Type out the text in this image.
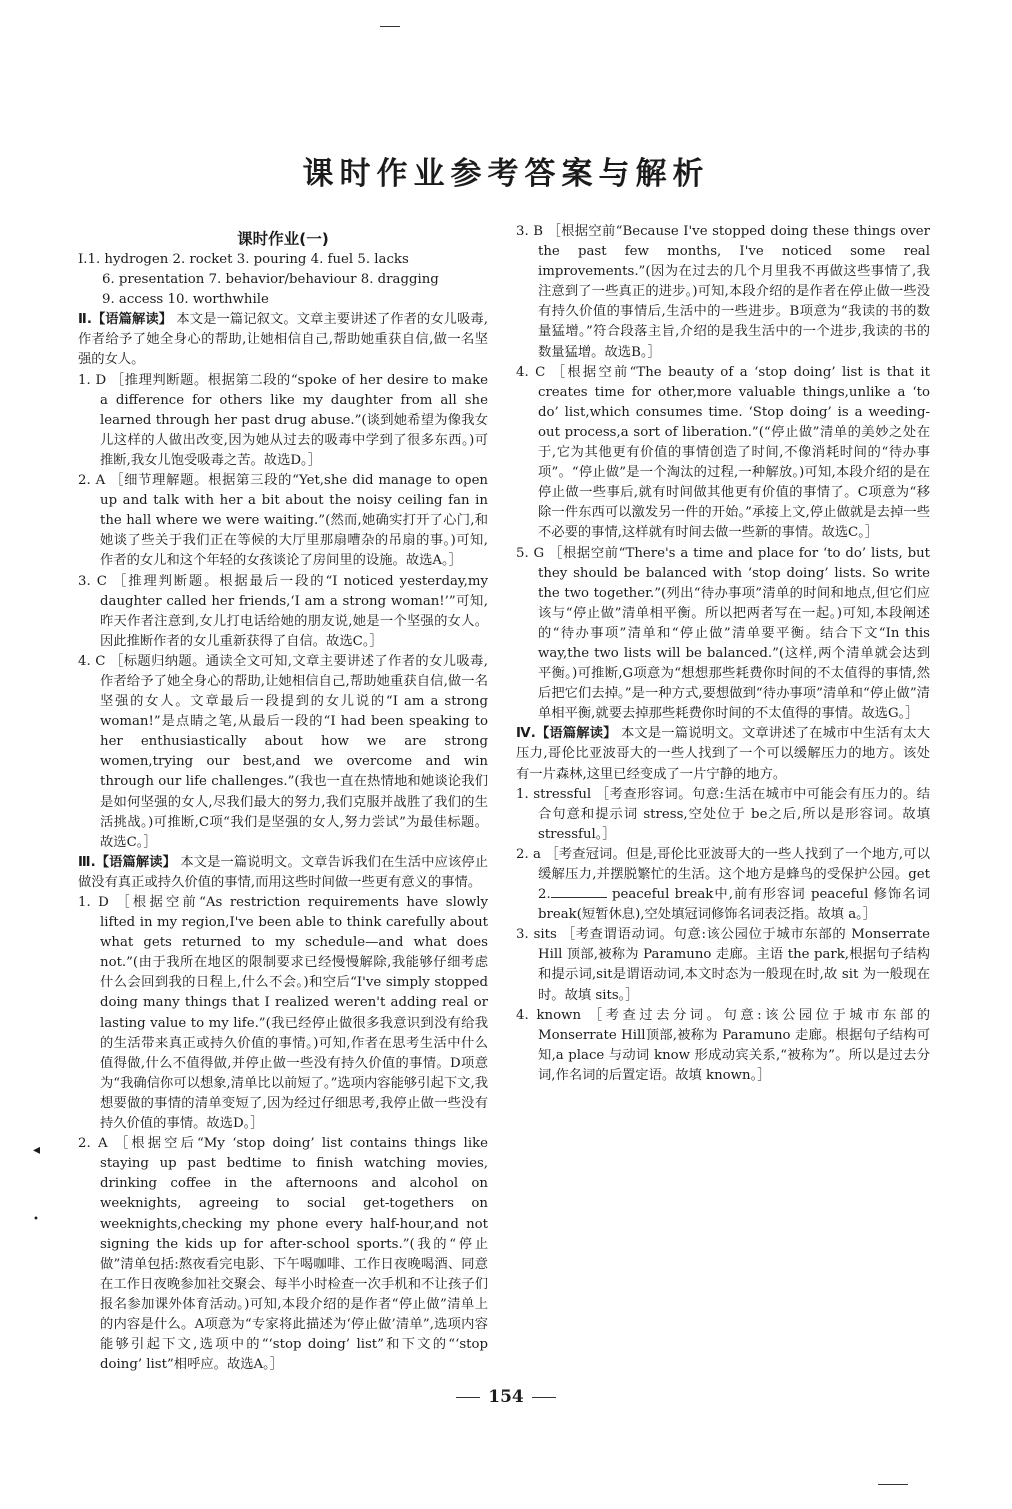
课时作业参考答案与解析
课时作业(一)
Ⅰ.1. hydrogen 2. rocket 3. pouring 4. fuel 5. lacks
6. presentation 7. behavior/behaviour 8. dragging
9. access 10. worthwhile

Ⅱ.【语篇解读】 本文是一篇记叙文。文章主要讲述了作者的女儿吸毒,作者给予了她全身心的帮助,让她相信自己,帮助她重获自信,做一名坚强的女人。

1. D ［推理判断题。根据第二段的“spoke of her desire to make a difference for others like my daughter from all she learned through her past drug abuse.”(谈到她希望为像我女儿这样的人做出改变,因为她从过去的吸毒中学到了很多东西。)可推断,我女儿饱受吸毒之苦。故选D。］

2. A ［细节理解题。根据第三段的“Yet,she did manage to open up and talk with her a bit about the noisy ceiling fan in the hall where we were waiting.”(然而,她确实打开了心门,和她谈了些关于我们正在等候的大厅里那扇嘈杂的吊扇的事。)可知,作者的女儿和这个年轻的女孩谈论了房间里的设施。故选A。］

3. C ［推理判断题。根据最后一段的“I noticed yesterday,my daughter called her friends,‘I am a strong woman!’”可知,昨天作者注意到,女儿打电话给她的朋友说,她是一个坚强的女人。因此推断作者的女儿重新获得了自信。故选C。］

4. C ［标题归纳题。通读全文可知,文章主要讲述了作者的女儿吸毒,作者给予了她全身心的帮助,让她相信自己,帮助她重获自信,做一名坚强的女人。文章最后一段提到的女儿说的“I am a strong woman!”是点睛之笔,从最后一段的“I had been speaking to her enthusiastically about how we are strong women,trying our best,and we overcome and win through our life challenges.”(我也一直在热情地和她谈论我们是如何坚强的女人,尽我们最大的努力,我们克服并战胜了我们的生活挑战。)可推断,C项“我们是坚强的女人,努力尝试”为最佳标题。故选C。］

Ⅲ.【语篇解读】 本文是一篇说明文。文章告诉我们在生活中应该停止做没有真正或持久价值的事情,而用这些时间做一些更有意义的事情。

1. D ［根据空前“As restriction requirements have slowly lifted in my region,I've been able to think carefully about what gets returned to my schedule—and what does not.”(由于我所在地区的限制要求已经慢慢解除,我能够仔细考虑什么会回到我的日程上,什么不会。)和空后“I've simply stopped doing many things that I realized weren't adding real or lasting value to my life.”(我已经停止做很多我意识到没有给我的生活带来真正或持久价值的事情。)可知,作者在思考生活中什么值得做,什么不值得做,并停止做一些没有持久价值的事情。D项意为“我确信你可以想象,清单比以前短了。”选项内容能够引起下文,我想要做的事情的清单变短了,因为经过仔细思考,我停止做一些没有持久价值的事情。故选D。］

2. A ［根据空后“My ‘stop doing’ list contains things like staying up past bedtime to finish watching movies, drinking coffee in the afternoons and alcohol on weeknights, agreeing to social get-togethers on weeknights,checking my phone every half-hour,and not signing the kids up for after-school sports.”(我的“停止做”清单包括:熬夜看完电影、下午喝咖啡、工作日夜晚喝酒、同意在工作日夜晚参加社交聚会、每半小时检查一次手机和不让孩子们报名参加课外体育活动。)可知,本段介绍的是作者“停止做”清单上的内容是什么。A项意为“专家将此描述为‘停止做’清单”,选项内容能够引起下文,选项中的“‘stop doing’ list”和下文的“‘stop doing’ list”相呼应。故选A。］

3. B ［根据空前“Because I've stopped doing these things over the past few months, I've noticed some real improvements.”(因为在过去的几个月里我不再做这些事情了,我注意到了一些真正的进步。)可知,本段介绍的是作者在停止做一些没有持久价值的事情后,生活中的一些进步。B项意为“我读的书的数量猛增。”符合段落主旨,介绍的是我生活中的一个进步,我读的书的数量猛增。故选B。］

4. C ［根据空前“The beauty of a ‘stop doing’ list is that it creates time for other,more valuable things,unlike a ‘to do’ list,which consumes time. ‘Stop doing’ is a weeding-out process,a sort of liberation.”(“停止做”清单的美妙之处在于,它为其他更有价值的事情创造了时间,不像消耗时间的“待办事项”。“停止做”是一个淘汰的过程,一种解放。)可知,本段介绍的是在停止做一些事后,就有时间做其他更有价值的事情了。C项意为“移除一件东西可以激发另一件的开始。”承接上文,停止做就是去掉一些不必要的事情,这样就有时间去做一些新的事情。故选C。］

5. G ［根据空前“There's a time and place for ‘to do’ lists, but they should be balanced with ‘stop doing’ lists. So write the two together.”(列出“待办事项”清单的时间和地点,但它们应该与“停止做”清单相平衡。所以把两者写在一起。)可知,本段阐述的“待办事项”清单和“停止做”清单要平衡。结合下文“In this way,the two lists will be balanced.”(这样,两个清单就会达到平衡。)可推断,G项意为“想想那些耗费你时间的不太值得的事情,然后把它们去掉。”是一种方式,要想做到“待办事项”清单和“停止做”清单相平衡,就要去掉那些耗费你时间的不太值得的事情。故选G。］

Ⅳ.【语篇解读】 本文是一篇说明文。文章讲述了在城市中生活有太大压力,哥伦比亚波哥大的一些人找到了一个可以缓解压力的地方。该处有一片森林,这里已经变成了一片宁静的地方。

1. stressful ［考查形容词。句意:生活在城市中可能会有压力的。结合句意和提示词 stress,空处位于 be之后,所以是形容词。故填 stressful。］

2. a ［考查冠词。但是,哥伦比亚波哥大的一些人找到了一个地方,可以缓解压力,并摆脱繁忙的生活。这个地方是蜂鸟的受保护公园。get 2.	peaceful break中,前有形容词 peaceful 修饰名词 break(短暂休息),空处填冠词修饰名词表泛指。故填 a。］

3. sits ［考查谓语动词。句意:该公园位于城市东部的 Monserrate Hill 顶部,被称为 Paramuno 走廊。主语 the park,根据句子结构和提示词,sit是谓语动词,本文时态为一般现在时,故 sit 为一般现在时。故填 sits。］

4. known ［考查过去分词。句意:该公园位于城市东部的 Monserrate Hill顶部,被称为 Paramuno 走廊。根据句子结构可知,a place 与动词 know 形成动宾关系,“被称为”。所以是过去分词,作名词的后置定语。故填 known。］

◂
•
154
